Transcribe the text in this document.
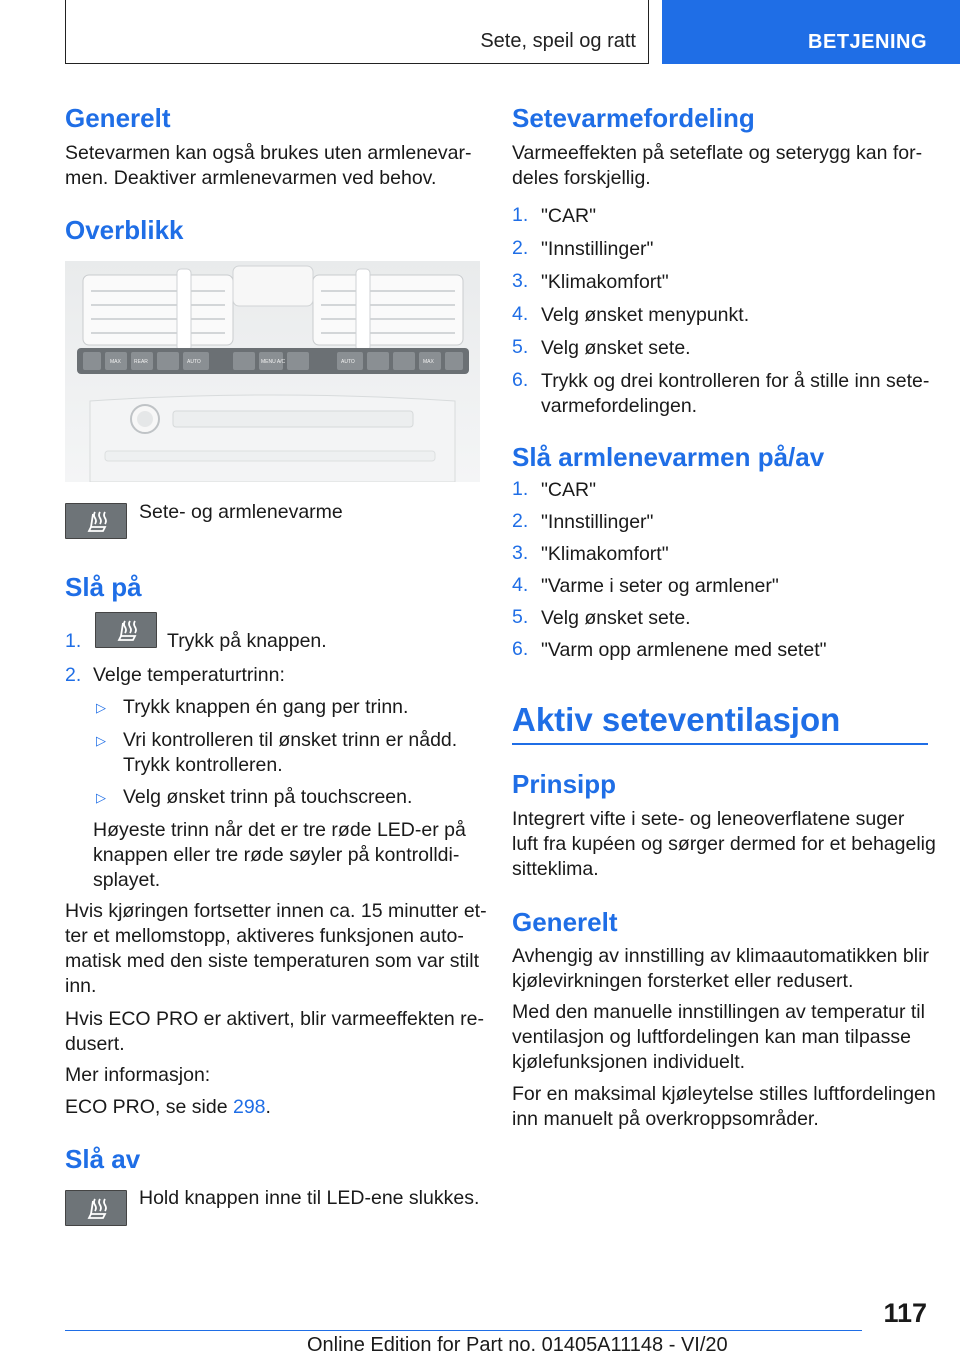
Sete, speil og ratt	BETJENING
Generelt
Setevarmen kan også brukes uten armlenevar-
men. Deaktiver armlenevarmen ved behov.
Overblikk
MAX	REAR	AUTO	MENU A/C	AUTO	MAX
Sete- og armlenevarme
Slå på
1.	Trykk på knappen.
2. Velge temperaturtrinn:
▷ Trykk knappen én gang per trinn.
▷ Vri kontrolleren til ønsket trinn er nådd.
Trykk kontrolleren.
▷ Velg ønsket trinn på touchscreen.
Høyeste trinn når det er tre røde LED-er på
knappen eller tre røde søyler på kontrolldi-
splayet.
Hvis kjøringen fortsetter innen ca. 15 minutter et-
ter et mellomstopp, aktiveres funksjonen auto-
matisk med den siste temperaturen som var stilt
inn.
Hvis ECO PRO er aktivert, blir varmeeffekten re-
dusert.
Mer informasjon:
ECO PRO, se side 298.
Slå av
Hold knappen inne til LED-ene slukkes.
Setevarmefordeling
Varmeeffekten på seteflate og seterygg kan for-
deles forskjellig.
1. "CAR"
2. "Innstillinger"
3. "Klimakomfort"
4. Velg ønsket menypunkt.
5. Velg ønsket sete.
6. Trykk og drei kontrolleren for å stille inn sete-
varmefordelingen.
Slå armlenevarmen på/av
1. "CAR"
2. "Innstillinger"
3. "Klimakomfort"
4. "Varme i seter og armlener"
5. Velg ønsket sete.
6. "Varm opp armlenene med setet"
Aktiv seteventilasjon
Prinsipp
Integrert vifte i sete- og leneoverflatene suger
luft fra kupéen og sørger dermed for et behagelig
sitteklima.
Generelt
Avhengig av innstilling av klimaautomatikken blir
kjølevirkningen forsterket eller redusert.
Med den manuelle innstillingen av temperatur til
ventilasjon og luftfordelingen kan man tilpasse
kjølefunksjonen individuelt.
For en maksimal kjøleytelse stilles luftfordelingen
inn manuelt på overkroppsområder.
117
Online Edition for Part no. 01405A11148 - VI/20
